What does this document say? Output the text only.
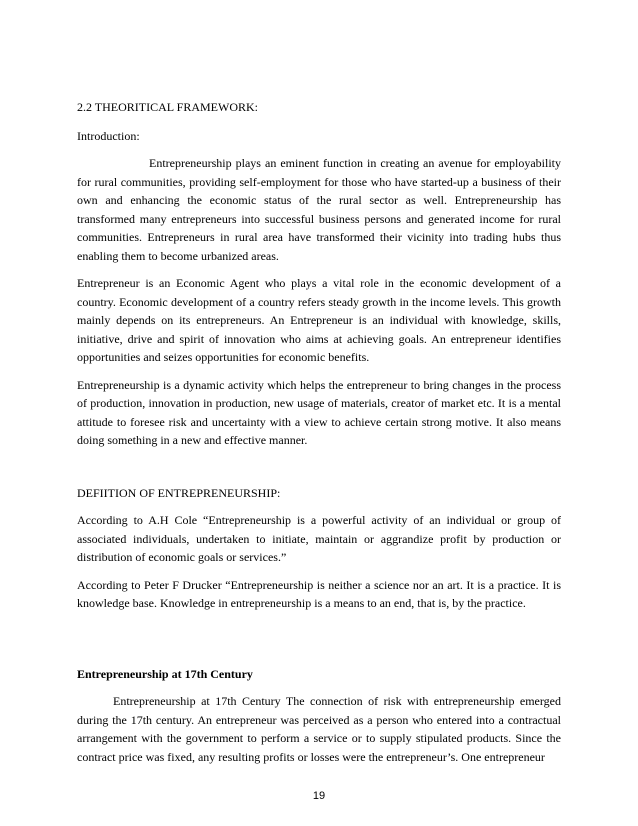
2.2 THEORITICAL FRAMEWORK:

Introduction:

Entrepreneurship plays an eminent function in creating an avenue for employability for rural communities, providing self-employment for those who have started-up a business of their own and enhancing the economic status of the rural sector as well. Entrepreneurship has transformed many entrepreneurs into successful business persons and generated income for rural communities. Entrepreneurs in rural area have transformed their vicinity into trading hubs thus enabling them to become urbanized areas.

Entrepreneur is an Economic Agent who plays a vital role in the economic development of a country. Economic development of a country refers steady growth in the income levels. This growth mainly depends on its entrepreneurs. An Entrepreneur is an individual with knowledge, skills, initiative, drive and spirit of innovation who aims at achieving goals. An entrepreneur identifies opportunities and seizes opportunities for economic benefits.

Entrepreneurship is a dynamic activity which helps the entrepreneur to bring changes in the process of production, innovation in production, new usage of materials, creator of market etc. It is a mental attitude to foresee risk and uncertainty with a view to achieve certain strong motive. It also means doing something in a new and effective manner.

DEFIITION OF ENTREPRENEURSHIP:

According to A.H Cole “Entrepreneurship is a powerful activity of an individual or group of associated individuals, undertaken to initiate, maintain or aggrandize profit by production or distribution of economic goals or services.”

According to Peter F Drucker “Entrepreneurship is neither a science nor an art. It is a practice. It is knowledge base. Knowledge in entrepreneurship is a means to an end, that is, by the practice.

Entrepreneurship at 17th Century

Entrepreneurship at 17th Century The connection of risk with entrepreneurship emerged during the 17th century. An entrepreneur was perceived as a person who entered into a contractual arrangement with the government to perform a service or to supply stipulated products. Since the contract price was fixed, any resulting profits or losses were the entrepreneur’s. One entrepreneur

19
